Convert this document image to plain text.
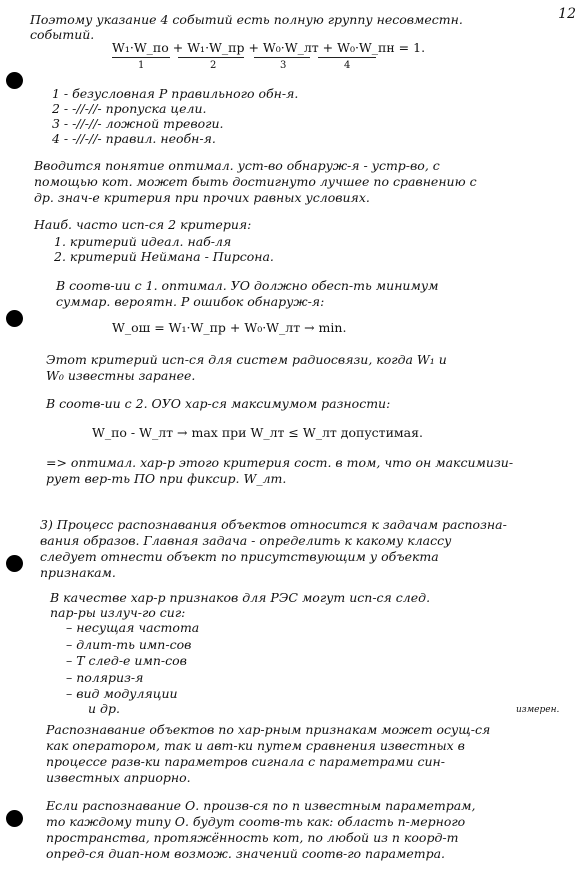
12
Поэтому указание 4 событий есть полную группу несовместн.
событий.
W₁·W_по + W₁·W_пр + W₀·W_лт + W₀·W_пн = 1.
1	2	3	4
1 - безусловная Р правильного обн-я.
2 - -//-//- пропуска цели.
3 - -//-//- ложной тревоги.
4 - -//-//- правил. необн-я.
Вводится понятие оптимал. уст-во обнаруж-я - устр-во, с
помощью кот. может быть достигнуто лучшее по сравнению с
др. знач-е критерия при прочих равных условиях.
Наиб. часто исп-ся 2 критерия:
1. критерий идеал. наб-ля
2. критерий Неймана - Пирсона.
В соотв-ии с 1. оптимал. УО должно обесп-ть минимум
суммар. вероятн. Р ошибок обнаруж-я:
W_ош = W₁·W_пр + W₀·W_лт → min.
Этот критерий исп-ся для систем радиосвязи, когда W₁ и
W₀ известны заранее.
В соотв-ии с 2. ОУО хар-ся максимумом разности:
W_по - W_лт → max при W_лт ≤ W_лт допустимая.
=> оптимал. хар-р этого критерия сост. в том, что он максимизи-
рует вер-ть ПО при фиксир. W_лт.
3) Процесс распознавания объектов относится к задачам распозна-
вания образов. Главная задача - определить к какому классу
следует отнести объект по присутствующим у объекта
признакам.
В качестве хар-р признаков для РЭС могут исп-ся след.
пар-ры излуч-го сиг:
– несущая частота
– длит-ть имп-сов
– Т след-е имп-сов
– поляриз-я
– вид модуляции
и др.	измерен.
Распознавание объектов по хар-рным признакам может осущ-ся
как оператором, так и авт-ки путем сравнения известных в
процессе разв-ки параметров сигнала с параметрами син-
известных априорно.
Если распознавание О. произв-ся по n известным параметрам,
то каждому типу О. будут соотв-ть как: область n-мерного
пространства, протяжённость кот, по любой из n коорд-т
опред-ся диап-ном возмож. значений соотв-го параметра.
